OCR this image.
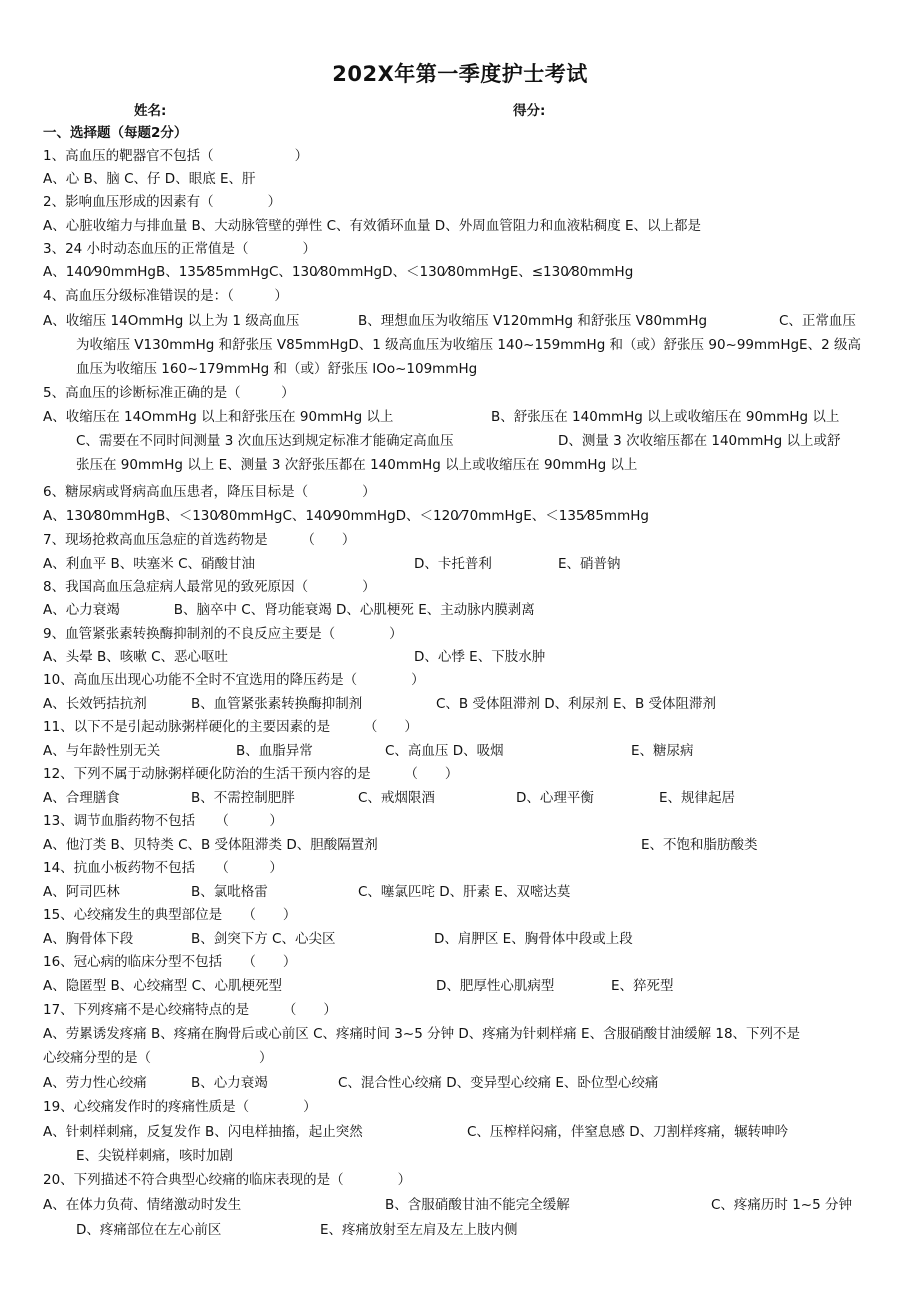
202X年第一季度护士考试
姓名:	得分:
一、选择题（每题2分）
1、高血压的靶器官不包括（　　　　　　）
A、心 B、脑 C、仔 D、眼底 E、肝
2、影响血压形成的因素有（　　　　）
A、心脏收缩力与排血量 B、大动脉管壁的弹性 C、有效循环血量 D、外周血管阻力和血液粘稠度 E、以上都是
3、24 小时动态血压的正常值是（　　　　）
A、140⁄90mmHgB、135⁄85mmHgC、130⁄80mmHgD、＜130⁄80mmHgE、≤130⁄80mmHg
4、高血压分级标准错误的是：（　　　）
A、收缩压 14OmmHg 以上为 1 级高血压	B、理想血压为收缩压 V120mmHg 和舒张压 V80mmHg	C、正常血压
为收缩压 V130mmHg 和舒张压 V85mmHgD、1 级高血压为收缩压 140~159mmHg 和（或）舒张压 90~99mmHgE、2 级高
血压为收缩压 160~179mmHg 和（或）舒张压 IOo~109mmHg
5、高血压的诊断标准正确的是（　　　）
A、收缩压在 14OmmHg 以上和舒张压在 90mmHg 以上	B、舒张压在 140mmHg 以上或收缩压在 90mmHg 以上
C、需要在不同时间测量 3 次血压达到规定标准才能确定高血压	D、测量 3 次收缩压都在 140mmHg 以上或舒
张压在 90mmHg 以上 E、测量 3 次舒张压都在 140mmHg 以上或收缩压在 90mmHg 以上
6、糖尿病或肾病高血压患者，降压目标是（　　　　）
A、130⁄80mmHgB、＜130⁄80mmHgC、140⁄90mmHgD、＜120⁄70mmHgE、＜135⁄85mmHg
7、现场抢救高血压急症的首选药物是　　　（　　）
A、利血平 B、呋塞米 C、硝酸甘油	D、卡托普利	E、硝普钠
8、我国高血压急症病人最常见的致死原因（　　　　）
A、心力衰竭　　　　B、脑卒中 C、肾功能衰竭 D、心肌梗死 E、主动脉内膜剥离
9、血管紧张素转换酶抑制剂的不良反应主要是（　　　　）
A、头晕 B、咳嗽 C、恶心呕吐	D、心悸 E、下肢水肿
10、高血压出现心功能不全时不宜选用的降压药是（　　　　）
A、长效钙拮抗剂	B、血管紧张素转换酶抑制剂	C、B 受体阻滞剂 D、利尿剂 E、B 受体阻滞剂
11、以下不是引起动脉粥样硬化的主要因素的是　　　（　　）
A、与年龄性别无关	B、血脂异常	C、高血压 D、吸烟	E、糖尿病
12、下列不属于动脉粥样硬化防治的生活干预内容的是　　　（　　）
A、合理膳食	B、不需控制肥胖	C、戒烟限酒	D、心理平衡	E、规律起居
13、调节血脂药物不包括　　（　　　）
A、他汀类 B、贝特类 C、B 受体阻滞类 D、胆酸隔置剂	E、不饱和脂肪酸类
14、抗血小板药物不包括　　（　　　）
A、阿司匹林	B、氯吡格雷	C、噻氯匹咤 D、肝素 E、双嘧达莫
15、心绞痛发生的典型部位是　　（　　）
A、胸骨体下段	B、剑突下方 C、心尖区	D、肩胛区 E、胸骨体中段或上段
16、冠心病的临床分型不包括　　（　　）
A、隐匿型 B、心绞痛型 C、心肌梗死型	D、肥厚性心肌病型	E、猝死型
17、下列疼痛不是心绞痛特点的是　　　（　　）
A、劳累诱发疼痛 B、疼痛在胸骨后或心前区 C、疼痛时间 3~5 分钟 D、疼痛为针刺样痛 E、含服硝酸甘油缓解 18、下列不是
心绞痛分型的是（　　　　　　　　）
A、劳力性心绞痛	B、心力衰竭	C、混合性心绞痛 D、变异型心绞痛 E、卧位型心绞痛
19、心绞痛发作时的疼痛性质是（　　　　）
A、针刺样刺痛，反复发作 B、闪电样抽搐，起止突然	C、压榨样闷痛，伴窒息感 D、刀割样疼痛，辗转呻吟
E、尖锐样刺痛，咳时加剧
20、下列描述不符合典型心绞痛的临床表现的是（　　　　）
A、在体力负荷、情绪激动时发生	B、含服硝酸甘油不能完全缓解	C、疼痛历时 1~5 分钟
D、疼痛部位在左心前区	E、疼痛放射至左肩及左上肢内侧
